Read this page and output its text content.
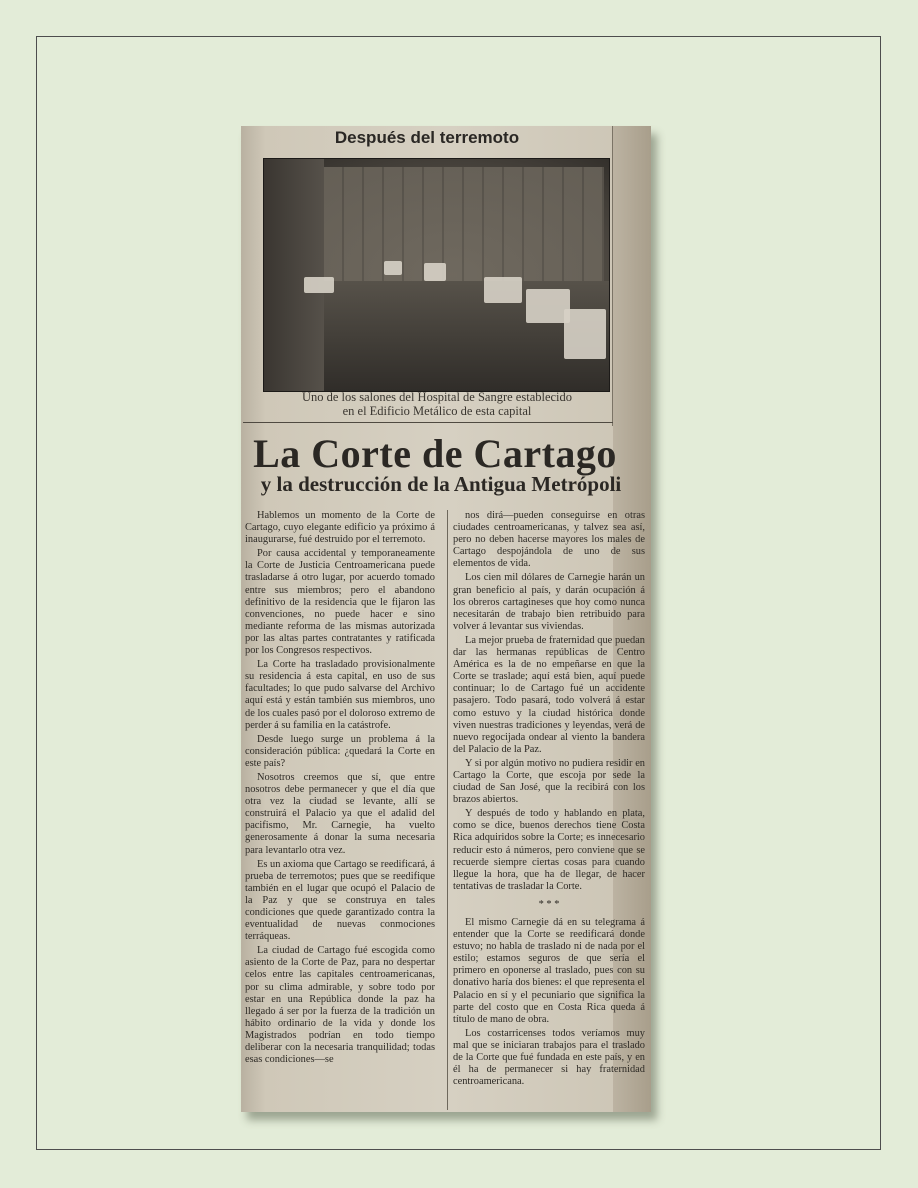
Después del terremoto
Uno de los salones del Hospital de Sangre establecido
en el Edificio Metálico de esta capital
La Corte de Cartago
y la destrucción de la Antigua Metrópoli

Hablemos un momento de la Corte de Cartago, cuyo elegante edificio ya próximo á inaugurarse, fué destruido por el terremoto.

Por causa accidental y temporaneamente la Corte de Justicia Centroamericana puede trasladarse á otro lugar, por acuerdo tomado entre sus miembros; pero el abandono definitivo de la residencia que le fijaron las convenciones, no puede hacer e sino mediante reforma de las mismas autorizada por las altas partes contratantes y ratificada por los Congresos respectivos.

La Corte ha trasladado provisionalmente su residencia á esta capital, en uso de sus facultades; lo que pudo salvarse del Archivo aquí está y están también sus miembros, uno de los cuales pasó por el doloroso extremo de perder á su familia en la catástrofe.

Desde luego surge un problema á la consideración pública: ¿quedará la Corte en este país?

Nosotros creemos que sí, que entre nosotros debe permanecer y que el día que otra vez la ciudad se levante, allí se construirá el Palacio ya que el adalid del pacifismo, Mr. Carnegie, ha vuelto generosamente á donar la suma necesaria para levantarlo otra vez.

Es un axioma que Cartago se reedificará, á prueba de terremotos; pues que se reedifique también en el lugar que ocupó el Palacio de la Paz y que se construya en tales condiciones que quede garantizado contra la eventualidad de nuevas conmociones terráqueas.

La ciudad de Cartago fué escogida como asiento de la Corte de Paz, para no despertar celos entre las capitales centroamericanas, por su clima admirable, y sobre todo por estar en una República donde la paz ha llegado á ser por la fuerza de la tradición un hábito ordinario de la vida y donde los Magistrados podrían en todo tiempo deliberar con la necesaria tranquilidad; todas esas condiciones—se

nos dirá—pueden conseguirse en otras ciudades centroamericanas, y talvez sea así, pero no deben hacerse mayores los males de Cartago despojándola de uno de sus elementos de vida.

Los cien mil dólares de Carnegie harán un gran beneficio al país, y darán ocupación á los obreros cartagineses que hoy como nunca necesitarán de trabajo bien retribuido para volver á levantar sus viviendas.

La mejor prueba de fraternidad que puedan dar las hermanas repúblicas de Centro América es la de no empeñarse en que la Corte se traslade; aquí está bien, aquí puede continuar; lo de Cartago fué un accidente pasajero. Todo pasará, todo volverá á estar como estuvo y la ciudad histórica donde viven nuestras tradiciones y leyendas, verá de nuevo regocijada ondear al viento la bandera del Palacio de la Paz.

Y si por algún motivo no pudiera residir en Cartago la Corte, que escoja por sede la ciudad de San José, que la recibirá con los brazos abiertos.

Y después de todo y hablando en plata, como se dice, buenos derechos tiene Costa Rica adquiridos sobre la Corte; es innecesario reducir esto á números, pero conviene que se recuerde siempre ciertas cosas para cuando llegue la hora, que ha de llegar, de hacer tentativas de trasladar la Corte.

* * *

El mismo Carnegie dá en su telegrama á entender que la Corte se reedificará donde estuvo; no habla de traslado ni de nada por el estilo; estamos seguros de que sería el primero en oponerse al traslado, pues con su donativo haría dos bienes: el que representa el Palacio en sí y el pecuniario que significa la parte del costo que en Costa Rica queda á título de mano de obra.

Los costarricenses todos veríamos muy mal que se iniciaran trabajos para el traslado de la Corte que fué fundada en este país, y en él ha de permanecer si hay fraternidad centroamericana.
